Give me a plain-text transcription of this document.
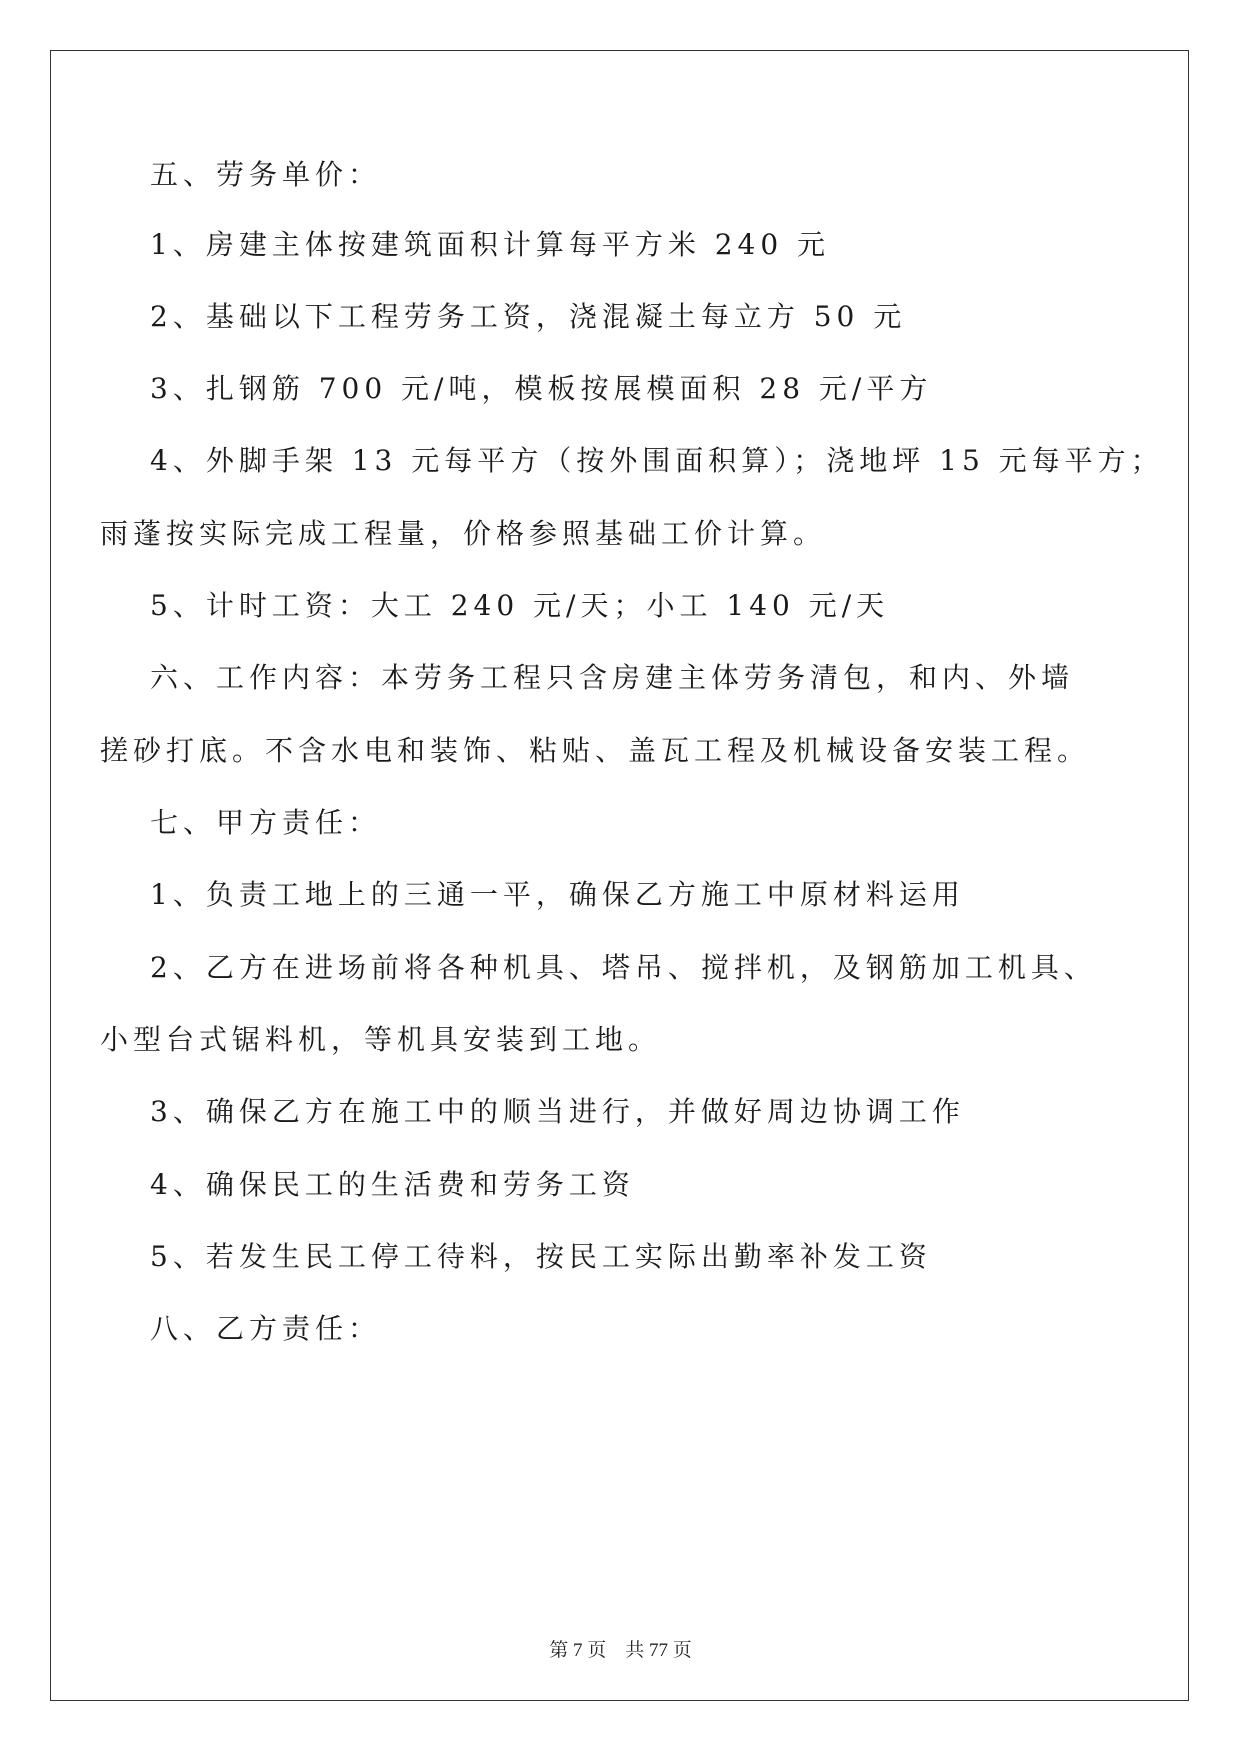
五、劳务单价：
1、房建主体按建筑面积计算每平方米 240 元
2、基础以下工程劳务工资，浇混凝土每立方 50 元
3、扎钢筋 700 元/吨，模板按展模面积 28 元/平方
4、外脚手架 13 元每平方（按外围面积算）；浇地坪 15 元每平方；
雨蓬按实际完成工程量，价格参照基础工价计算。
5、计时工资：大工 240 元/天；小工 140 元/天
六、工作内容：本劳务工程只含房建主体劳务清包，和内、外墙
搓砂打底。不含水电和装饰、粘贴、盖瓦工程及机械设备安装工程。
七、甲方责任：
1、负责工地上的三通一平，确保乙方施工中原材料运用
2、乙方在进场前将各种机具、塔吊、搅拌机，及钢筋加工机具、
小型台式锯料机，等机具安装到工地。
3、确保乙方在施工中的顺当进行，并做好周边协调工作
4、确保民工的生活费和劳务工资
5、若发生民工停工待料，按民工实际出勤率补发工资
八、乙方责任：
第 7 页　共 77 页
